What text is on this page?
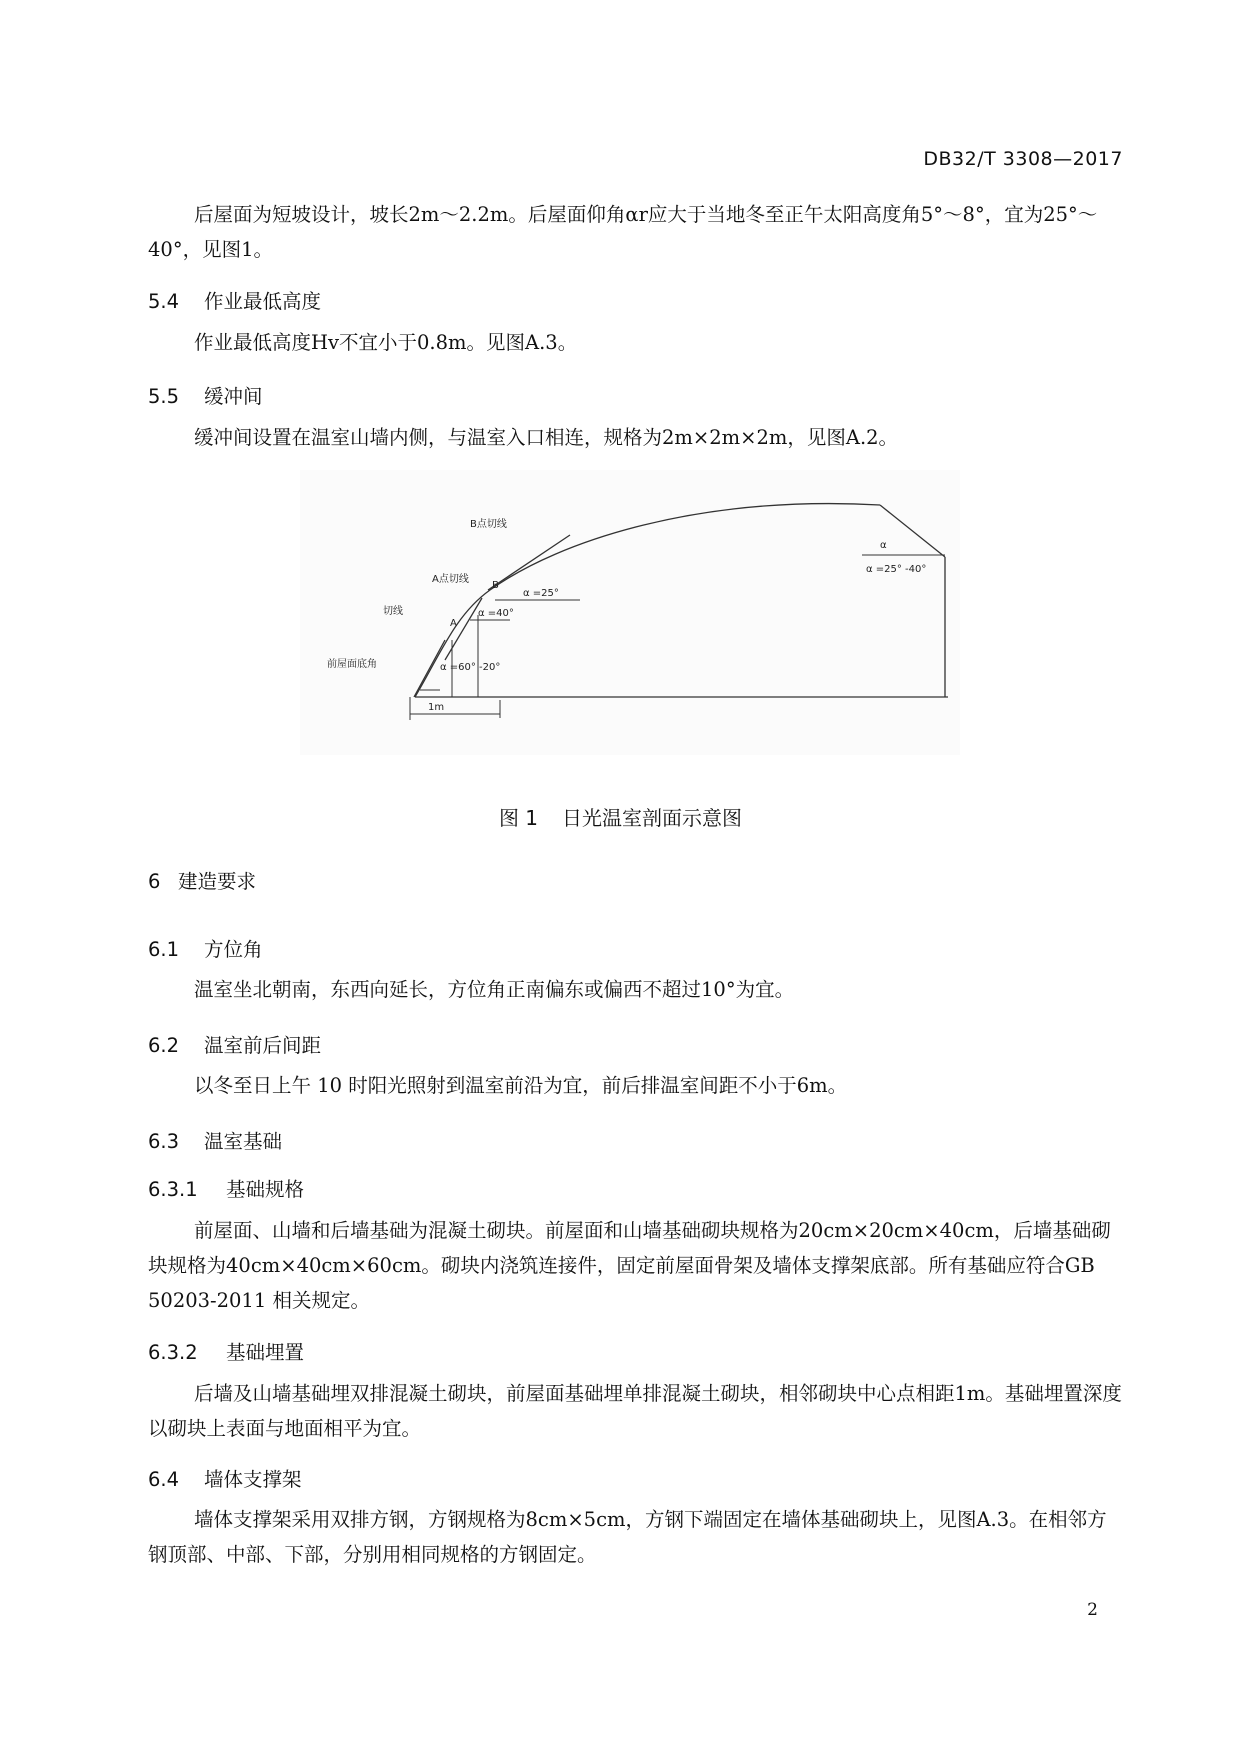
DB32/T 3308—2017
后屋面为短坡设计，坡长2m～2.2m。后屋面仰角αr应大于当地冬至正午太阳高度角5°～8°，宜为25°～40°，见图1。
5.4 作业最低高度
作业最低高度Hv不宜小于0.8m。见图A.3。
5.5 缓冲间
缓冲间设置在温室山墙内侧，与温室入口相连，规格为2m×2m×2m，见图A.2。
B点切线
A点切线
切线
前屋面底角
A
B
α =25°
α =40°
α =60° -20°
α
α =25° -40°
1m
图 1 日光温室剖面示意图
6 建造要求
6.1 方位角
温室坐北朝南，东西向延长，方位角正南偏东或偏西不超过10°为宜。
6.2 温室前后间距
以冬至日上午 10 时阳光照射到温室前沿为宜，前后排温室间距不小于6m。
6.3 温室基础
6.3.1 基础规格
前屋面、山墙和后墙基础为混凝土砌块。前屋面和山墙基础砌块规格为20cm×20cm×40cm，后墙基础砌块规格为40cm×40cm×60cm。砌块内浇筑连接件，固定前屋面骨架及墙体支撑架底部。所有基础应符合GB 50203-2011 相关规定。
6.3.2 基础埋置
后墙及山墙基础埋双排混凝土砌块，前屋面基础埋单排混凝土砌块，相邻砌块中心点相距1m。基础埋置深度以砌块上表面与地面相平为宜。
6.4 墙体支撑架
墙体支撑架采用双排方钢，方钢规格为8cm×5cm，方钢下端固定在墙体基础砌块上，见图A.3。在相邻方钢顶部、中部、下部，分别用相同规格的方钢固定。
2
